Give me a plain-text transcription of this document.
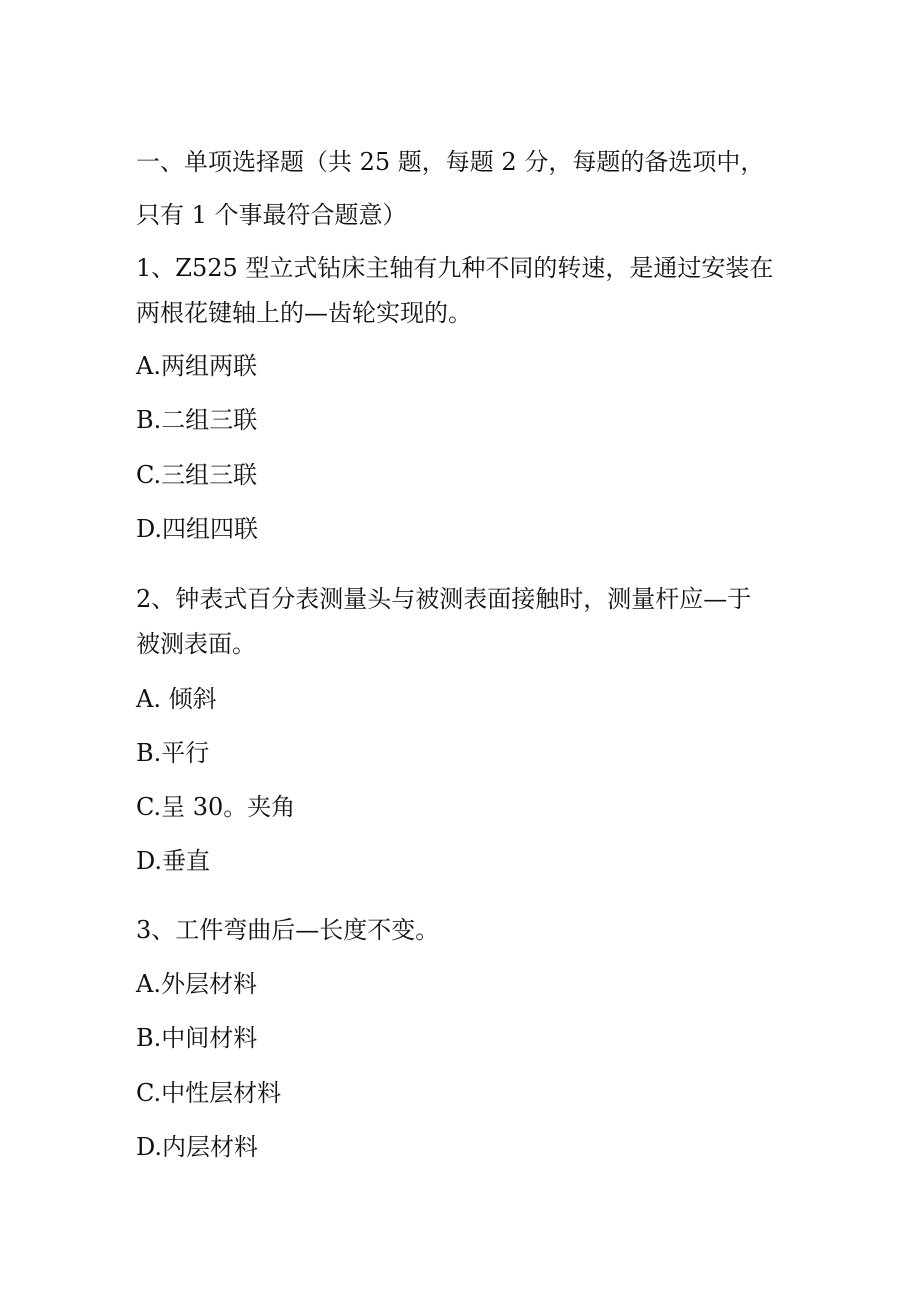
一、单项选择题（共 25 题，每题 2 分，每题的备选项中，
只有 1 个事最符合题意）
1、Z525 型立式钻床主轴有九种不同的转速，是通过安装在
两根花键轴上的—齿轮实现的。
A.两组两联
B.二组三联
C.三组三联
D.四组四联
2、钟表式百分表测量头与被测表面接触时，测量杆应—于
被测表面。
A. 倾斜
B.平行
C.呈 30。夹角
D.垂直
3、工件弯曲后—长度不变。
A.外层材料
B.中间材料
C.中性层材料
D.内层材料
